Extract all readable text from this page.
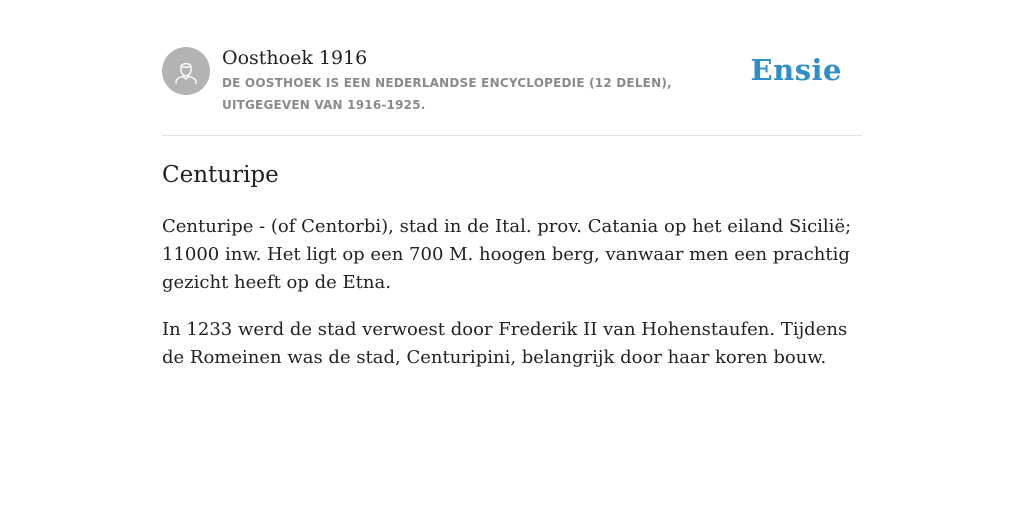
Oosthoek 1916
DE OOSTHOEK IS EEN NEDERLANDSE ENCYCLOPEDIE (12 DELEN), UITGEGEVEN VAN 1916-1925.
Ensie
Centuripe

Centuripe - (of Centorbi), stad in de Ital. prov. Catania op het eiland Sicilië; 11000 inw. Het ligt op een 700 M. hoogen berg, vanwaar men een prachtig gezicht heeft op de Etna.

In 1233 werd de stad verwoest door Frederik II van Hohenstaufen. Tijdens de Romeinen was de stad, Centuripini, belangrijk door haar koren bouw.
